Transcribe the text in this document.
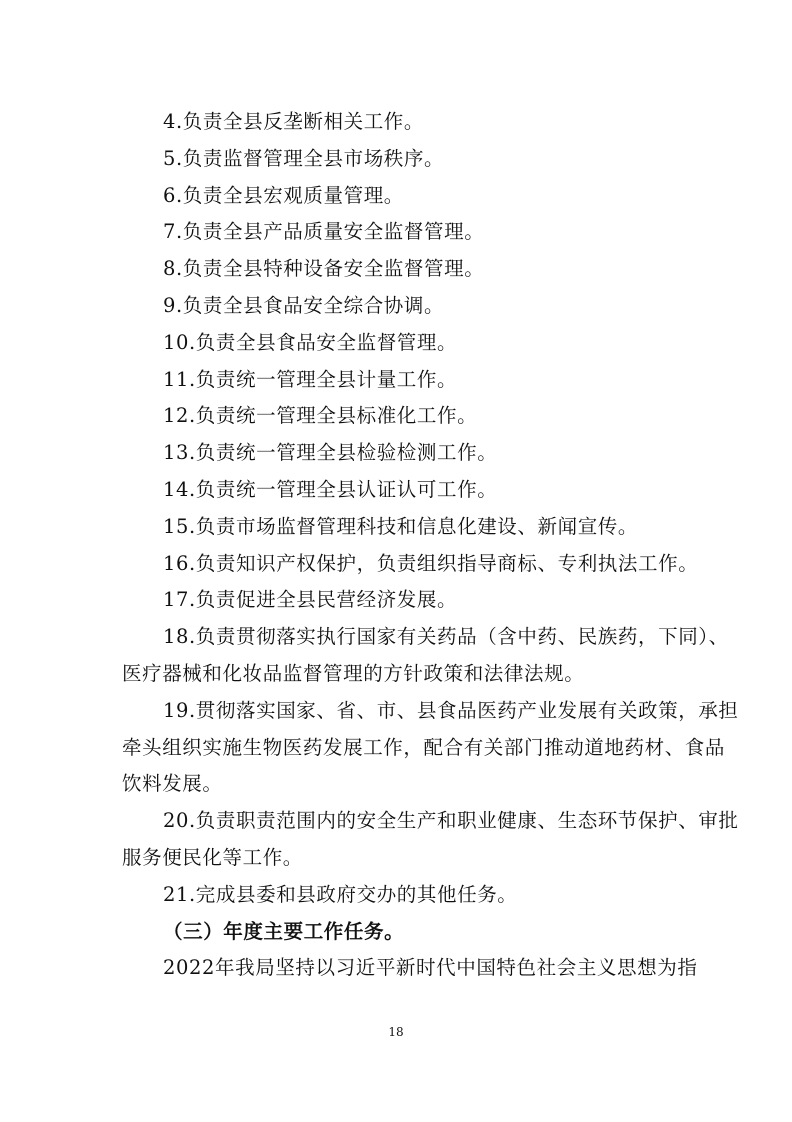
4.负责全县反垄断相关工作。

5.负责监督管理全县市场秩序。

6.负责全县宏观质量管理。

7.负责全县产品质量安全监督管理。

8.负责全县特种设备安全监督管理。

9.负责全县食品安全综合协调。

10.负责全县食品安全监督管理。

11.负责统一管理全县计量工作。

12.负责统一管理全县标准化工作。

13.负责统一管理全县检验检测工作。

14.负责统一管理全县认证认可工作。

15.负责市场监督管理科技和信息化建设、新闻宣传。

16.负责知识产权保护，负责组织指导商标、专利执法工作。

17.负责促进全县民营经济发展。

18.负责贯彻落实执行国家有关药品（含中药、民族药，下同）、医疗器械和化妆品监督管理的方针政策和法律法规。

19.贯彻落实国家、省、市、县食品医药产业发展有关政策，承担牵头组织实施生物医药发展工作，配合有关部门推动道地药材、食品饮料发展。

20.负责职责范围内的安全生产和职业健康、生态环节保护、审批服务便民化等工作。

21.完成县委和县政府交办的其他任务。

（三）年度主要工作任务。

2022年我局坚持以习近平新时代中国特色社会主义思想为指

18
